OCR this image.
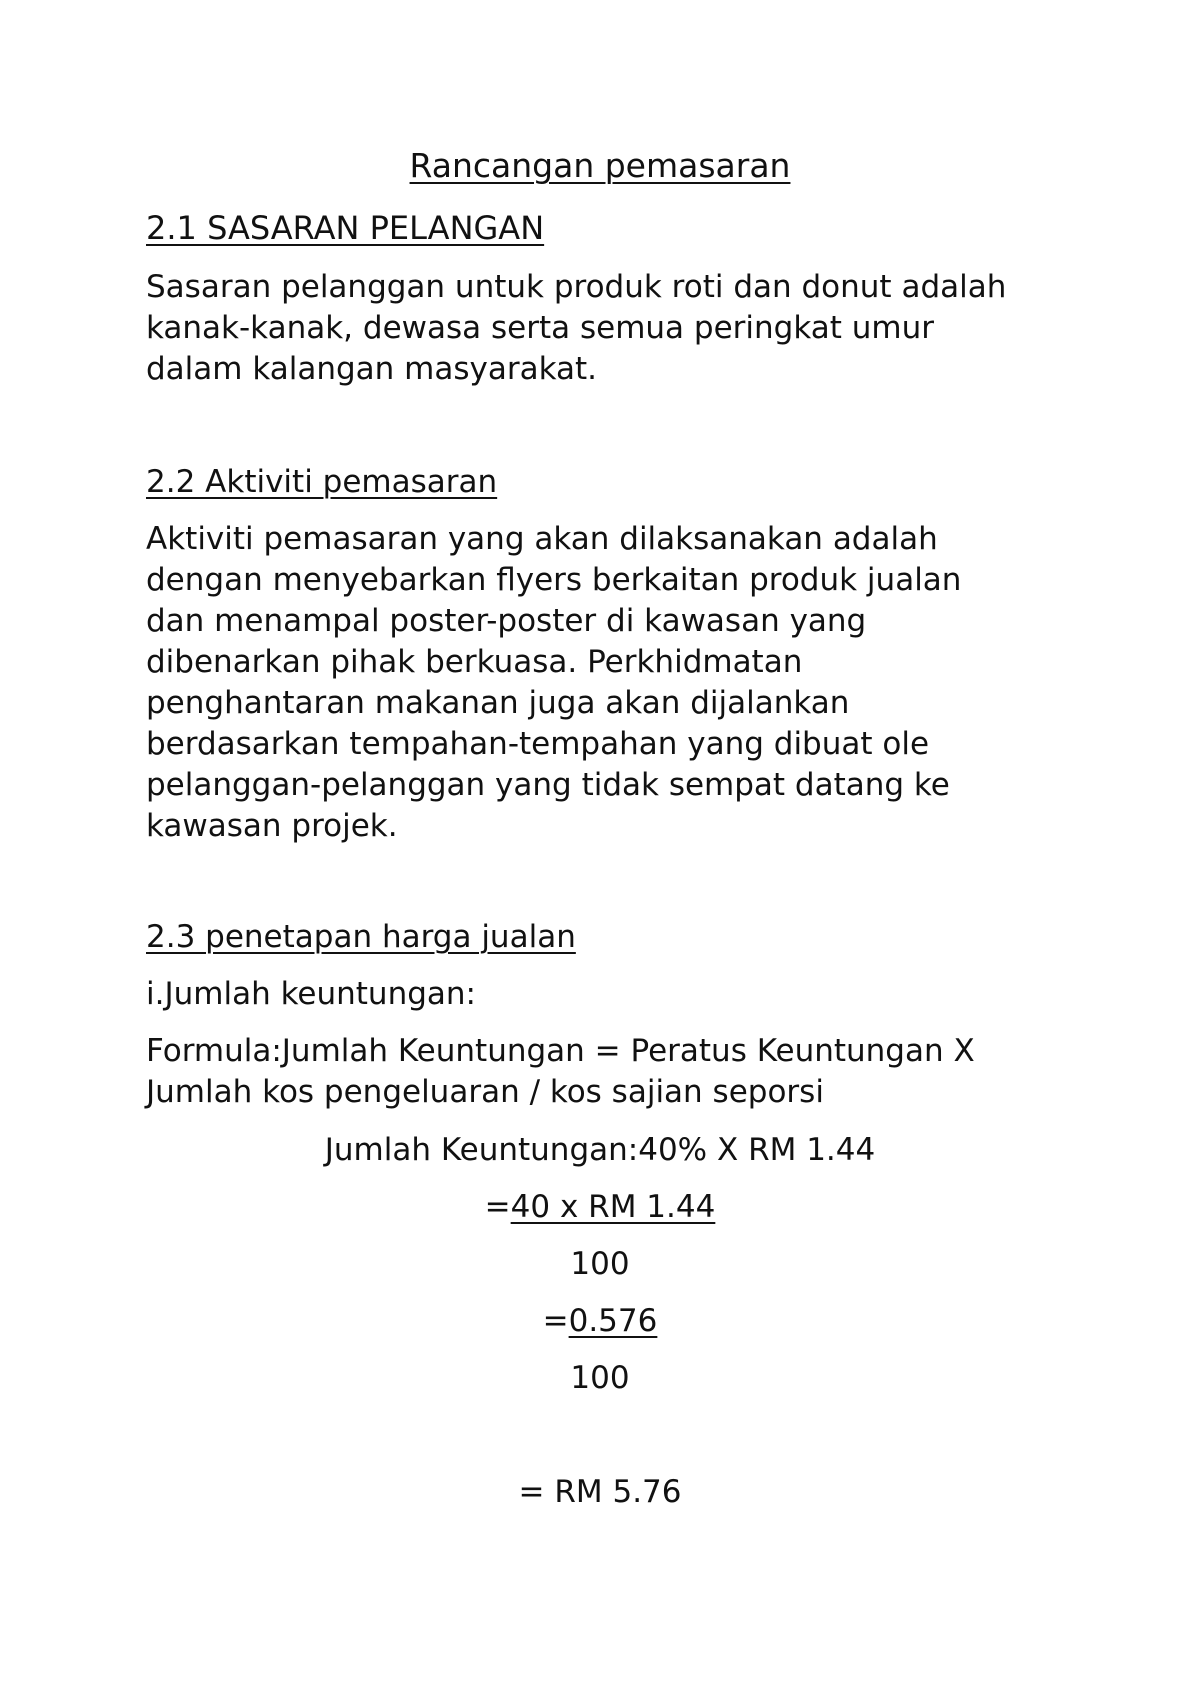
Rancangan pemasaran
2.1 SASARAN PELANGAN
Sasaran pelanggan untuk produk roti dan donut adalah
kanak-kanak, dewasa serta semua peringkat umur
dalam kalangan masyarakat.
2.2 Aktiviti pemasaran
Aktiviti pemasaran yang akan dilaksanakan adalah
dengan menyebarkan flyers berkaitan produk jualan
dan menampal poster-poster di kawasan yang
dibenarkan pihak berkuasa. Perkhidmatan
penghantaran makanan juga akan dijalankan
berdasarkan tempahan-tempahan yang dibuat ole
pelanggan-pelanggan yang tidak sempat datang ke
kawasan projek.
2.3 penetapan harga jualan
i.Jumlah keuntungan:
Formula:Jumlah Keuntungan = Peratus Keuntungan X
Jumlah kos pengeluaran / kos sajian seporsi
Jumlah Keuntungan:40% X RM 1.44
=40 x RM 1.44
100
=0.576
100
= RM 5.76
